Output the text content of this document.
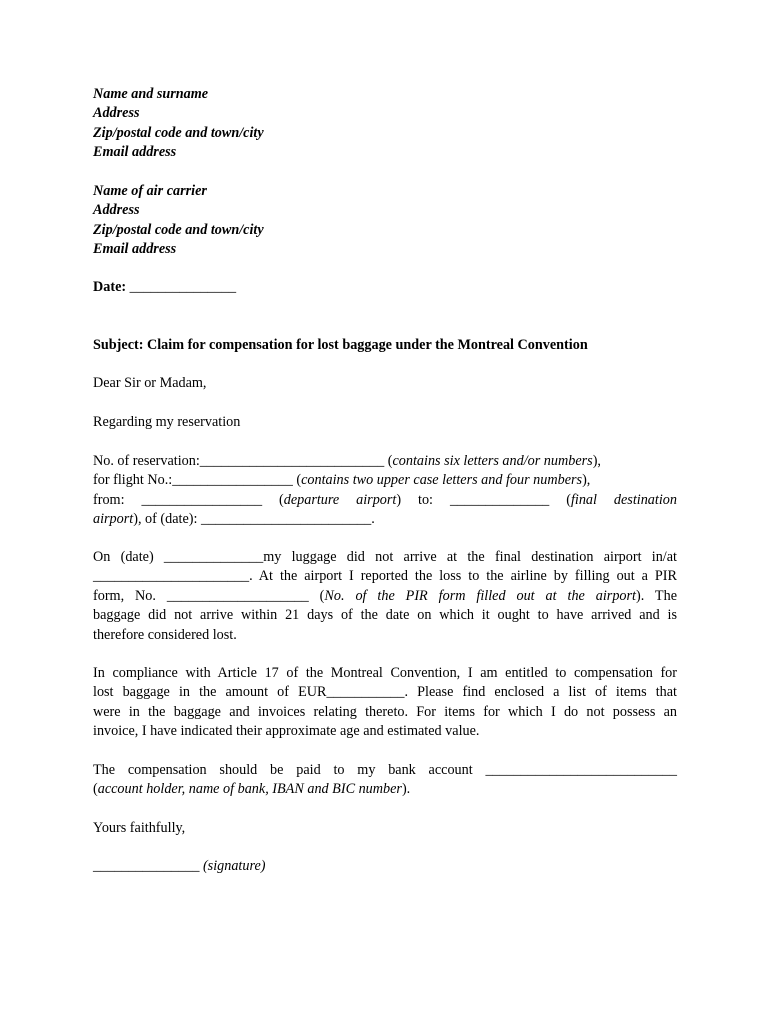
Name and surname
Address
Zip/postal code and town/city
Email address
Name of air carrier
Address
Zip/postal code and town/city
Email address
Date: _______________
Subject: Claim for compensation for lost baggage under the Montreal Convention
Dear Sir or Madam,
Regarding my reservation
No. of reservation:__________________________ (contains six letters and/or numbers),
for flight No.:_________________ (contains two upper case letters and four numbers),
from: _________________ (departure airport) to: ______________ (final destination
airport), of (date): ________________________.
On (date) ______________my luggage did not arrive at the final destination airport in/at
______________________. At the airport I reported the loss to the airline by filling out a PIR
form, No. ____________________ (No. of the PIR form filled out at the airport). The
baggage did not arrive within 21 days of the date on which it ought to have arrived and is
therefore considered lost.
In compliance with Article 17 of the Montreal Convention, I am entitled to compensation for
lost baggage in the amount of EUR___________. Please find enclosed a list of items that
were in the baggage and invoices relating thereto. For items for which I do not possess an
invoice, I have indicated their approximate age and estimated value.
The compensation should be paid to my bank account ___________________________
(account holder, name of bank, IBAN and BIC number).
Yours faithfully,
_______________ (signature)
